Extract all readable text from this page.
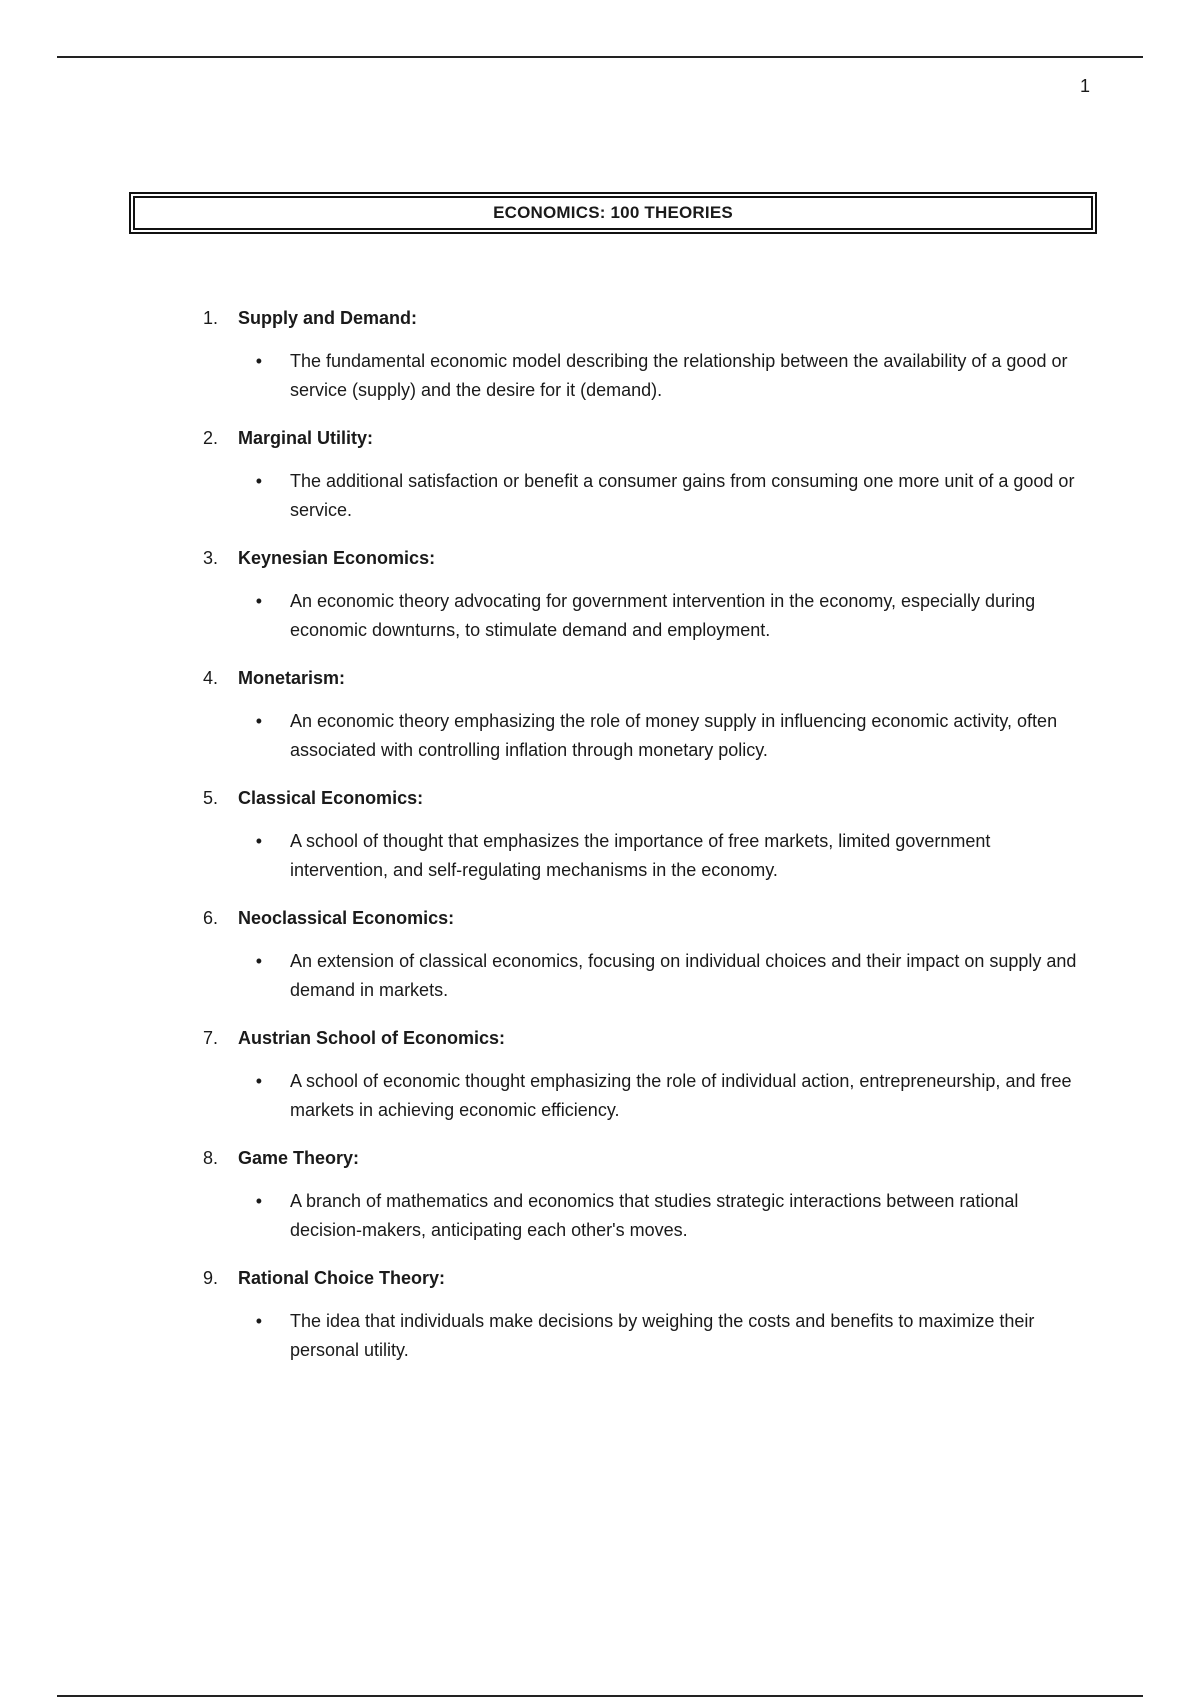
1
ECONOMICS: 100 THEORIES
1. Supply and Demand:
•	The fundamental economic model describing the relationship between the availability of a good or service (supply) and the desire for it (demand).
2. Marginal Utility:
•	The additional satisfaction or benefit a consumer gains from consuming one more unit of a good or service.
3. Keynesian Economics:
•	An economic theory advocating for government intervention in the economy, especially during economic downturns, to stimulate demand and employment.
4. Monetarism:
•	An economic theory emphasizing the role of money supply in influencing economic activity, often associated with controlling inflation through monetary policy.
5. Classical Economics:
•	A school of thought that emphasizes the importance of free markets, limited government intervention, and self-regulating mechanisms in the economy.
6. Neoclassical Economics:
•	An extension of classical economics, focusing on individual choices and their impact on supply and demand in markets.
7. Austrian School of Economics:
•	A school of economic thought emphasizing the role of individual action, entrepreneurship, and free markets in achieving economic efficiency.
8. Game Theory:
•	A branch of mathematics and economics that studies strategic interactions between rational decision-makers, anticipating each other's moves.
9. Rational Choice Theory:
•	The idea that individuals make decisions by weighing the costs and benefits to maximize their personal utility.
